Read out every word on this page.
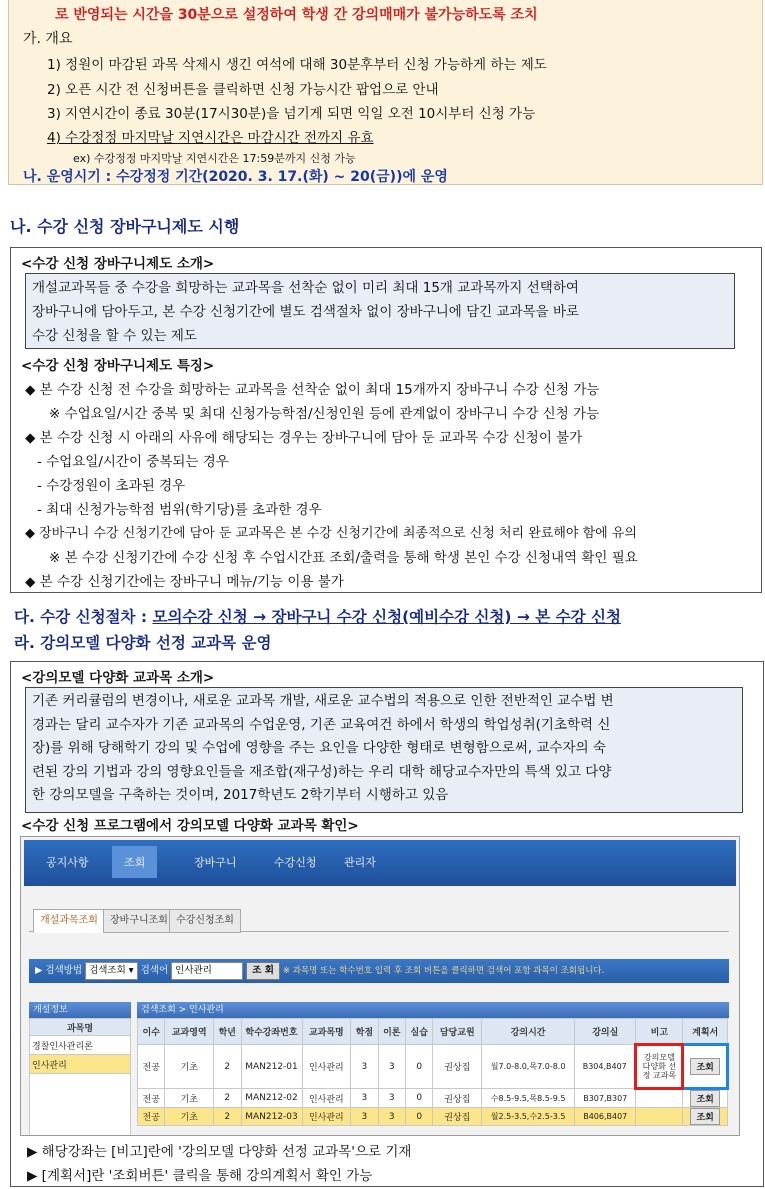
로 반영되는 시간을 30분으로 설정하여 학생 간 강의매매가 불가능하도록 조치
가. 개요
1) 정원이 마감된 과목 삭제시 생긴 여석에 대해 30분후부터 신청 가능하게 하는 제도
2) 오픈 시간 전 신청버튼을 클릭하면 신청 가능시간 팝업으로 안내
3) 지연시간이 종료 30분(17시30분)을 넘기게 되면 익일 오전 10시부터 신청 가능
4) 수강정정 마지막날 지연시간은 마감시간 전까지 유효
ex) 수강정정 마지막날 지연시간은 17:59분까지 신청 가능
나. 운영시기 : 수강정정 기간(2020. 3. 17.(화) ~ 20(금))에 운영
나. 수강 신청 장바구니제도 시행
<수강 신청 장바구니제도 소개>
개설교과목들 중 수강을 희망하는 교과목을 선착순 없이 미리 최대 15개 교과목까지 선택하여
장바구니에 담아두고, 본 수강 신청기간에 별도 검색절차 없이 장바구니에 담긴 교과목을 바로
수강 신청을 할 수 있는 제도
<수강 신청 장바구니제도 특징>
◆ 본 수강 신청 전 수강을 희망하는 교과목을 선착순 없이 최대 15개까지 장바구니 수강 신청 가능
※ 수업요일/시간 중복 및 최대 신청가능학점/신청인원 등에 관계없이 장바구니 수강 신청 가능
◆ 본 수강 신청 시 아래의 사유에 해당되는 경우는 장바구니에 담아 둔 교과목 수강 신청이 불가
- 수업요일/시간이 중복되는 경우
- 수강정원이 초과된 경우
- 최대 신청가능학점 범위(학기당)를 초과한 경우
◆ 장바구니 수강 신청기간에 담아 둔 교과목은 본 수강 신청기간에 최종적으로 신청 처리 완료해야 함에 유의
※ 본 수강 신청기간에 수강 신청 후 수업시간표 조회/출력을 통해 학생 본인 수강 신청내역 확인 필요
◆ 본 수강 신청기간에는 장바구니 메뉴/기능 이용 불가
다. 수강 신청절차 : 모의수강 신청 → 장바구니 수강 신청(예비수강 신청) → 본 수강 신청
라. 강의모델 다양화 선정 교과목 운영
<강의모델 다양화 교과목 소개>
기존 커리큘럼의 변경이나, 새로운 교과목 개발, 새로운 교수법의 적용으로 인한 전반적인 교수법 변
경과는 달리 교수자가 기존 교과목의 수업운영, 기존 교육여건 하에서 학생의 학업성취(기초학력 신
장)를 위해 당해학기 강의 및 수업에 영향을 주는 요인을 다양한 형태로 변형함으로써, 교수자의 숙
련된 강의 기법과 강의 영향요인들을 재조합(재구성)하는 우리 대학 해당교수자만의 특색 있고 다양
한 강의모델을 구축하는 것이며, 2017학년도 2학기부터 시행하고 있음
<수강 신청 프로그램에서 강의모델 다양화 교과목 확인>
▶ 해당강좌는 [비고]란에 '강의모델 다양화 선정 교과목'으로 기재
▶ [계획서]란 '조회버튼' 클릭을 통해 강의계획서 확인 가능
공지사항	조회	장바구니	수강신청 관리자
개설과목조회	장바구니조회 수강신청조회
▶ 검색방법 검색조회 ▾ 검색어 인사관리	조 회 ※ 과목명 또는 학수번호 입력 후 조회 버튼을 클릭하면 검색어 포함 과목이 조회됩니다.
개설정보
과목명
경찰인사관리론
인사관리

검색조회 > 인사관리
이수	교과영역	학년	학수강좌번호	교과목명	학점	이론	실습	담당교원	강의시간	강의실	비고	계획서
전공	기초	2	MAN212-01	인사관리	3	3	0	권상집	월7.0-8.0,목7.0-8.0	B304,B407	강의모델 다양화 선정 교과목	조회
전공	기초	2	MAN212-02	인사관리	3	3	0	권상집	수8.5-9.5,목8.5-9.5	B307,B307		조회
전공	기초	2	MAN212-03	인사관리	3	3	0	권상집	월2.5-3.5,수2.5-3.5	B406,B407		조회
